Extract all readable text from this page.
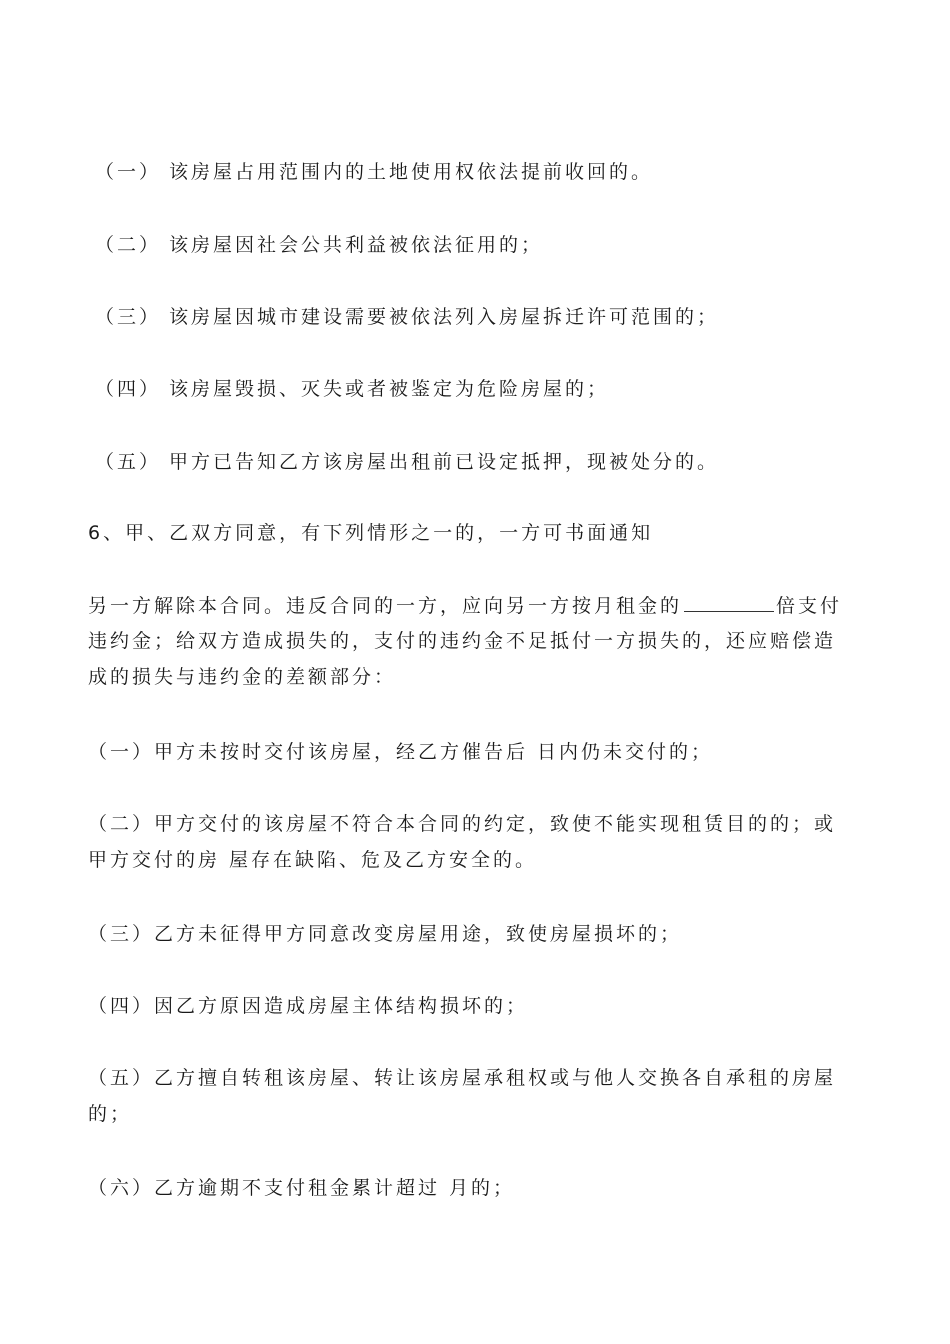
（一） 该房屋占用范围内的土地使用权依法提前收回的。
（二） 该房屋因社会公共利益被依法征用的；
（三） 该房屋因城市建设需要被依法列入房屋拆迁许可范围的；
（四） 该房屋毁损、灭失或者被鉴定为危险房屋的；
（五） 甲方已告知乙方该房屋出租前已设定抵押，现被处分的。
6、甲、乙双方同意，有下列情形之一的，一方可书面通知
另一方解除本合同。违反合同的一方，应向另一方按月租金的	倍支付
违约金；给双方造成损失的，支付的违约金不足抵付一方损失的，还应赔偿造
成的损失与违约金的差额部分：
（一）甲方未按时交付该房屋，经乙方催告后 日内仍未交付的；
（二）甲方交付的该房屋不符合本合同的约定，致使不能实现租赁目的的；或
甲方交付的房 屋存在缺陷、危及乙方安全的。
（三）乙方未征得甲方同意改变房屋用途，致使房屋损坏的；
（四）因乙方原因造成房屋主体结构损坏的；
（五）乙方擅自转租该房屋、转让该房屋承租权或与他人交换各自承租的房屋
的；
（六）乙方逾期不支付租金累计超过 月的；
